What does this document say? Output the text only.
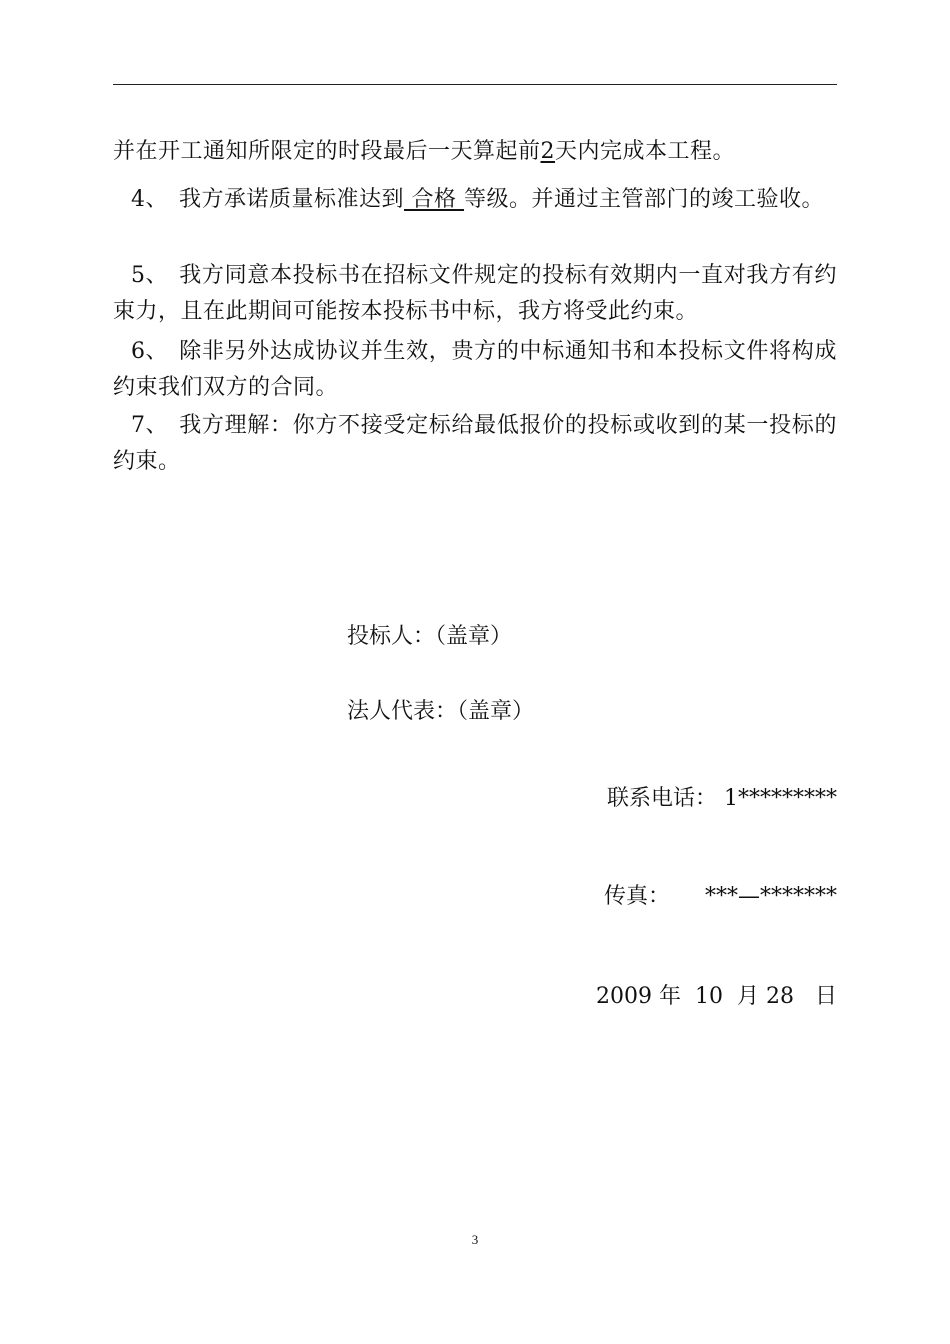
并在开工通知所限定的时段最后一天算起前2天内完成本工程。

4、 我方承诺质量标准达到 合格 等级。并通过主管部门的竣工验收。

5、 我方同意本投标书在招标文件规定的投标有效期内一直对我方有约束力，且在此期间可能按本投标书中标，我方将受此约束。

6、 除非另外达成协议并生效，贵方的中标通知书和本投标文件将构成约束我们双方的合同。

7、 我方理解：你方不接受定标给最低报价的投标或收到的某一投标的约束。

投标人：（盖章）
法人代表：（盖章）
联系电话： 1*********
传真： ***—*******
2009 年 10 月 28 日
3
